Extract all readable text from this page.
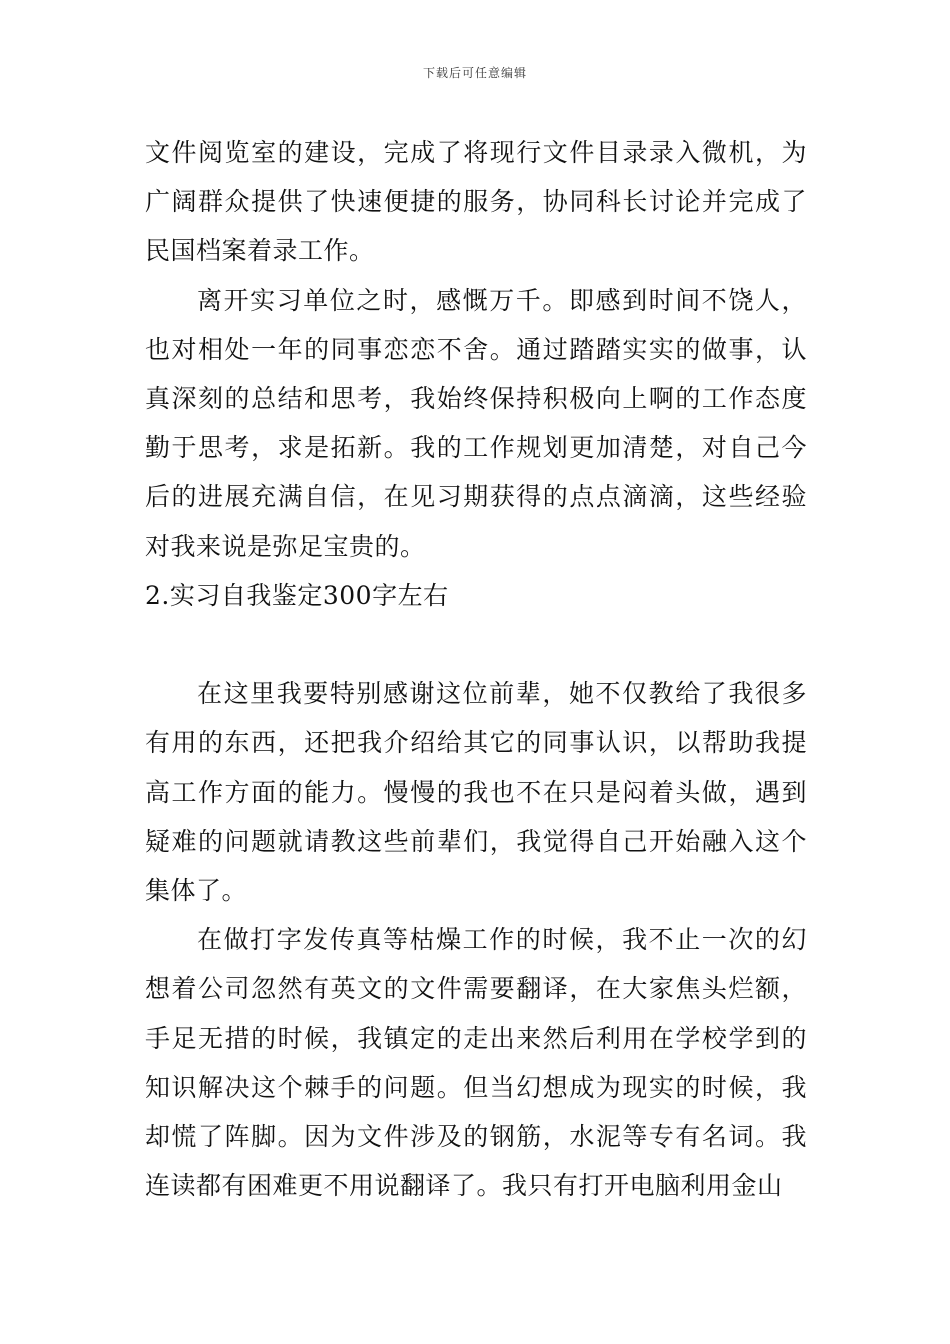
下载后可任意编辑

文件阅览室的建设，完成了将现行文件目录录入微机，为广阔群众提供了快速便捷的服务，协同科长讨论并完成了民国档案着录工作。

离开实习单位之时，感慨万千。即感到时间不饶人，也对相处一年的同事恋恋不舍。通过踏踏实实的做事，认真深刻的总结和思考，我始终保持积极向上啊的工作态度勤于思考，求是拓新。我的工作规划更加清楚，对自己今后的进展充满自信，在见习期获得的点点滴滴，这些经验对我来说是弥足宝贵的。

2.实习自我鉴定300字左右

在这里我要特别感谢这位前辈，她不仅教给了我很多有用的东西，还把我介绍给其它的同事认识，以帮助我提高工作方面的能力。慢慢的我也不在只是闷着头做，遇到疑难的问题就请教这些前辈们，我觉得自己开始融入这个集体了。

在做打字发传真等枯燥工作的时候，我不止一次的幻想着公司忽然有英文的文件需要翻译，在大家焦头烂额，手足无措的时候，我镇定的走出来然后利用在学校学到的知识解决这个棘手的问题。但当幻想成为现实的时候，我却慌了阵脚。因为文件涉及的钢筋，水泥等专有名词。我连读都有困难更不用说翻译了。我只有打开电脑利用金山
